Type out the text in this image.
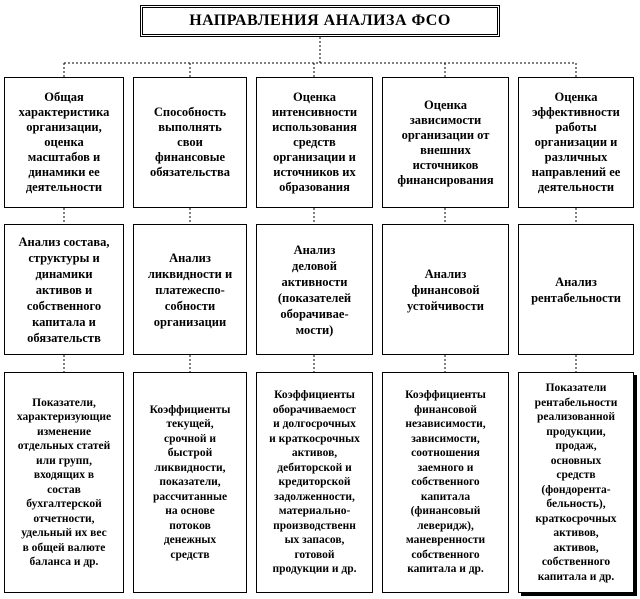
НАПРАВЛЕНИЯ АНАЛИЗА ФСО
Общая
характеристика
организации,
оценка
масштабов и
динамики ее
деятельности
Способность
выполнять
свои
финансовые
обязательства
Оценка
интенсивности
использования
средств
организации и
источников их
образования
Оценка
зависимости
организации от
внешних
источников
финансирования
Оценка
эффективности
работы
организации и
различных
направлений ее
деятельности
Анализ состава,
структуры и
динамики
активов и
собственного
капитала и
обязательств
Анализ
ликвидности и
платежеспо-
собности
организации
Анализ
деловой
активности
(показателей
оборачивае-
мости)
Анализ
финансовой
устойчивости
Анализ
рентабельности
Показатели,
характеризующие
изменение
отдельных статей
или групп,
входящих в
состав
бухгалтерской
отчетности,
удельный их вес
в общей валюте
баланса и др.
Коэффициенты
текущей,
срочной и
быстрой
ликвидности,
показатели,
рассчитанные
на основе
потоков
денежных
средств
Коэффициенты
оборачиваемост
и долгосрочных
и краткосрочных
активов,
дебиторской и
кредиторской
задолженности,
материально-
производственн
ых запасов,
готовой
продукции и др.
Коэффициенты
финансовой
независимости,
зависимости,
соотношения
заемного и
собственного
капитала
(финансовый
леверидж),
маневренности
собственного
капитала и др.
Показатели
рентабельности
реализованной
продукции,
продаж,
основных
средств
(фондорента-
бельность),
краткосрочных
активов,
активов,
собственного
капитала и др.
